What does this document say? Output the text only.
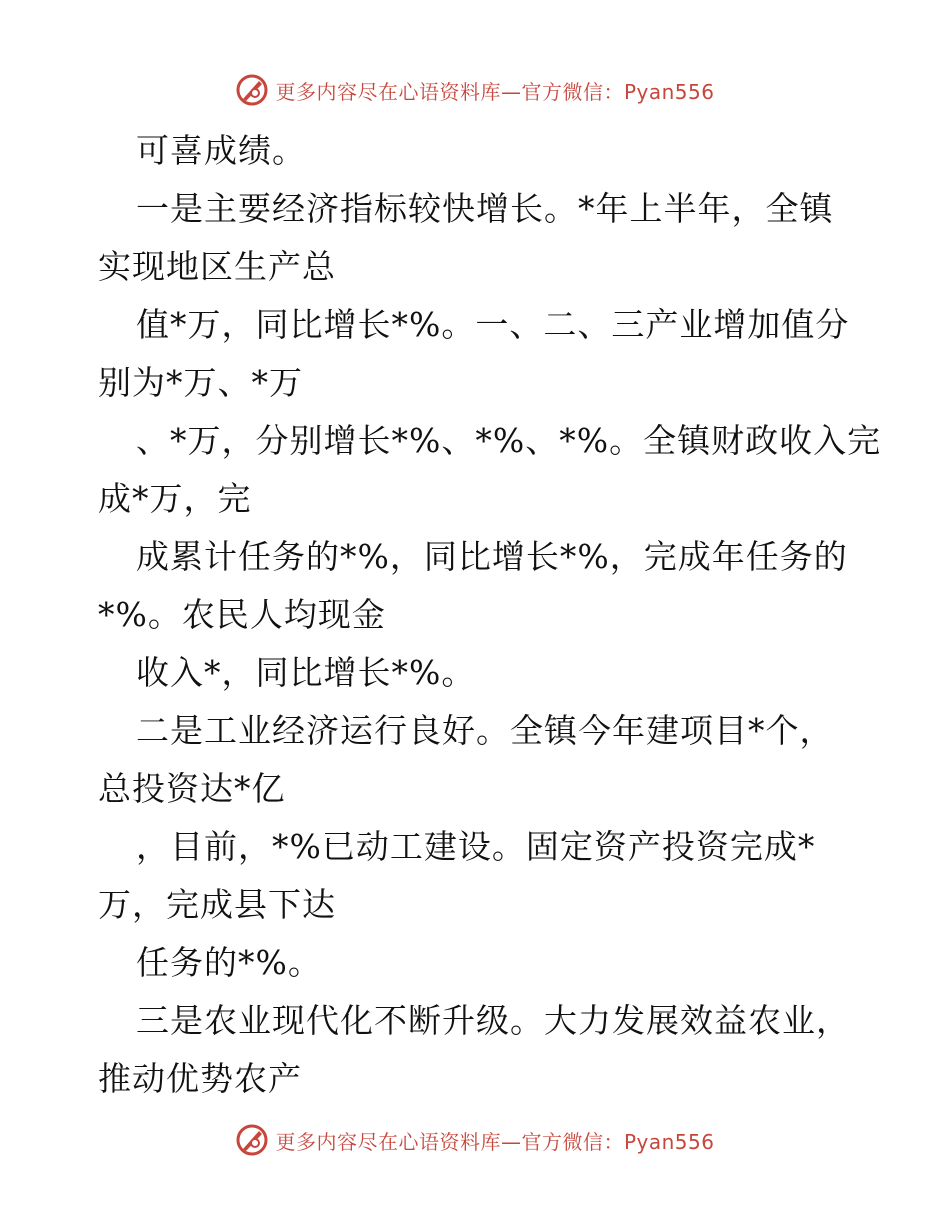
更多内容尽在心语资料库—官方微信：Pyan556
可喜成绩。
一是主要经济指标较快增长。*年上半年，全镇
实现地区生产总
值*万，同比增长*%。一、二、三产业增加值分
别为*万、*万
、*万，分别增长*%、*%、*%。全镇财政收入完
成*万，完
成累计任务的*%，同比增长*%，完成年任务的
*%。农民人均现金
收入*，同比增长*%。
二是工业经济运行良好。全镇今年建项目*个，
总投资达*亿
，目前，*%已动工建设。固定资产投资完成*
万，完成县下达
任务的*%。
三是农业现代化不断升级。大力发展效益农业，
推动优势农产
更多内容尽在心语资料库—官方微信：Pyan556
